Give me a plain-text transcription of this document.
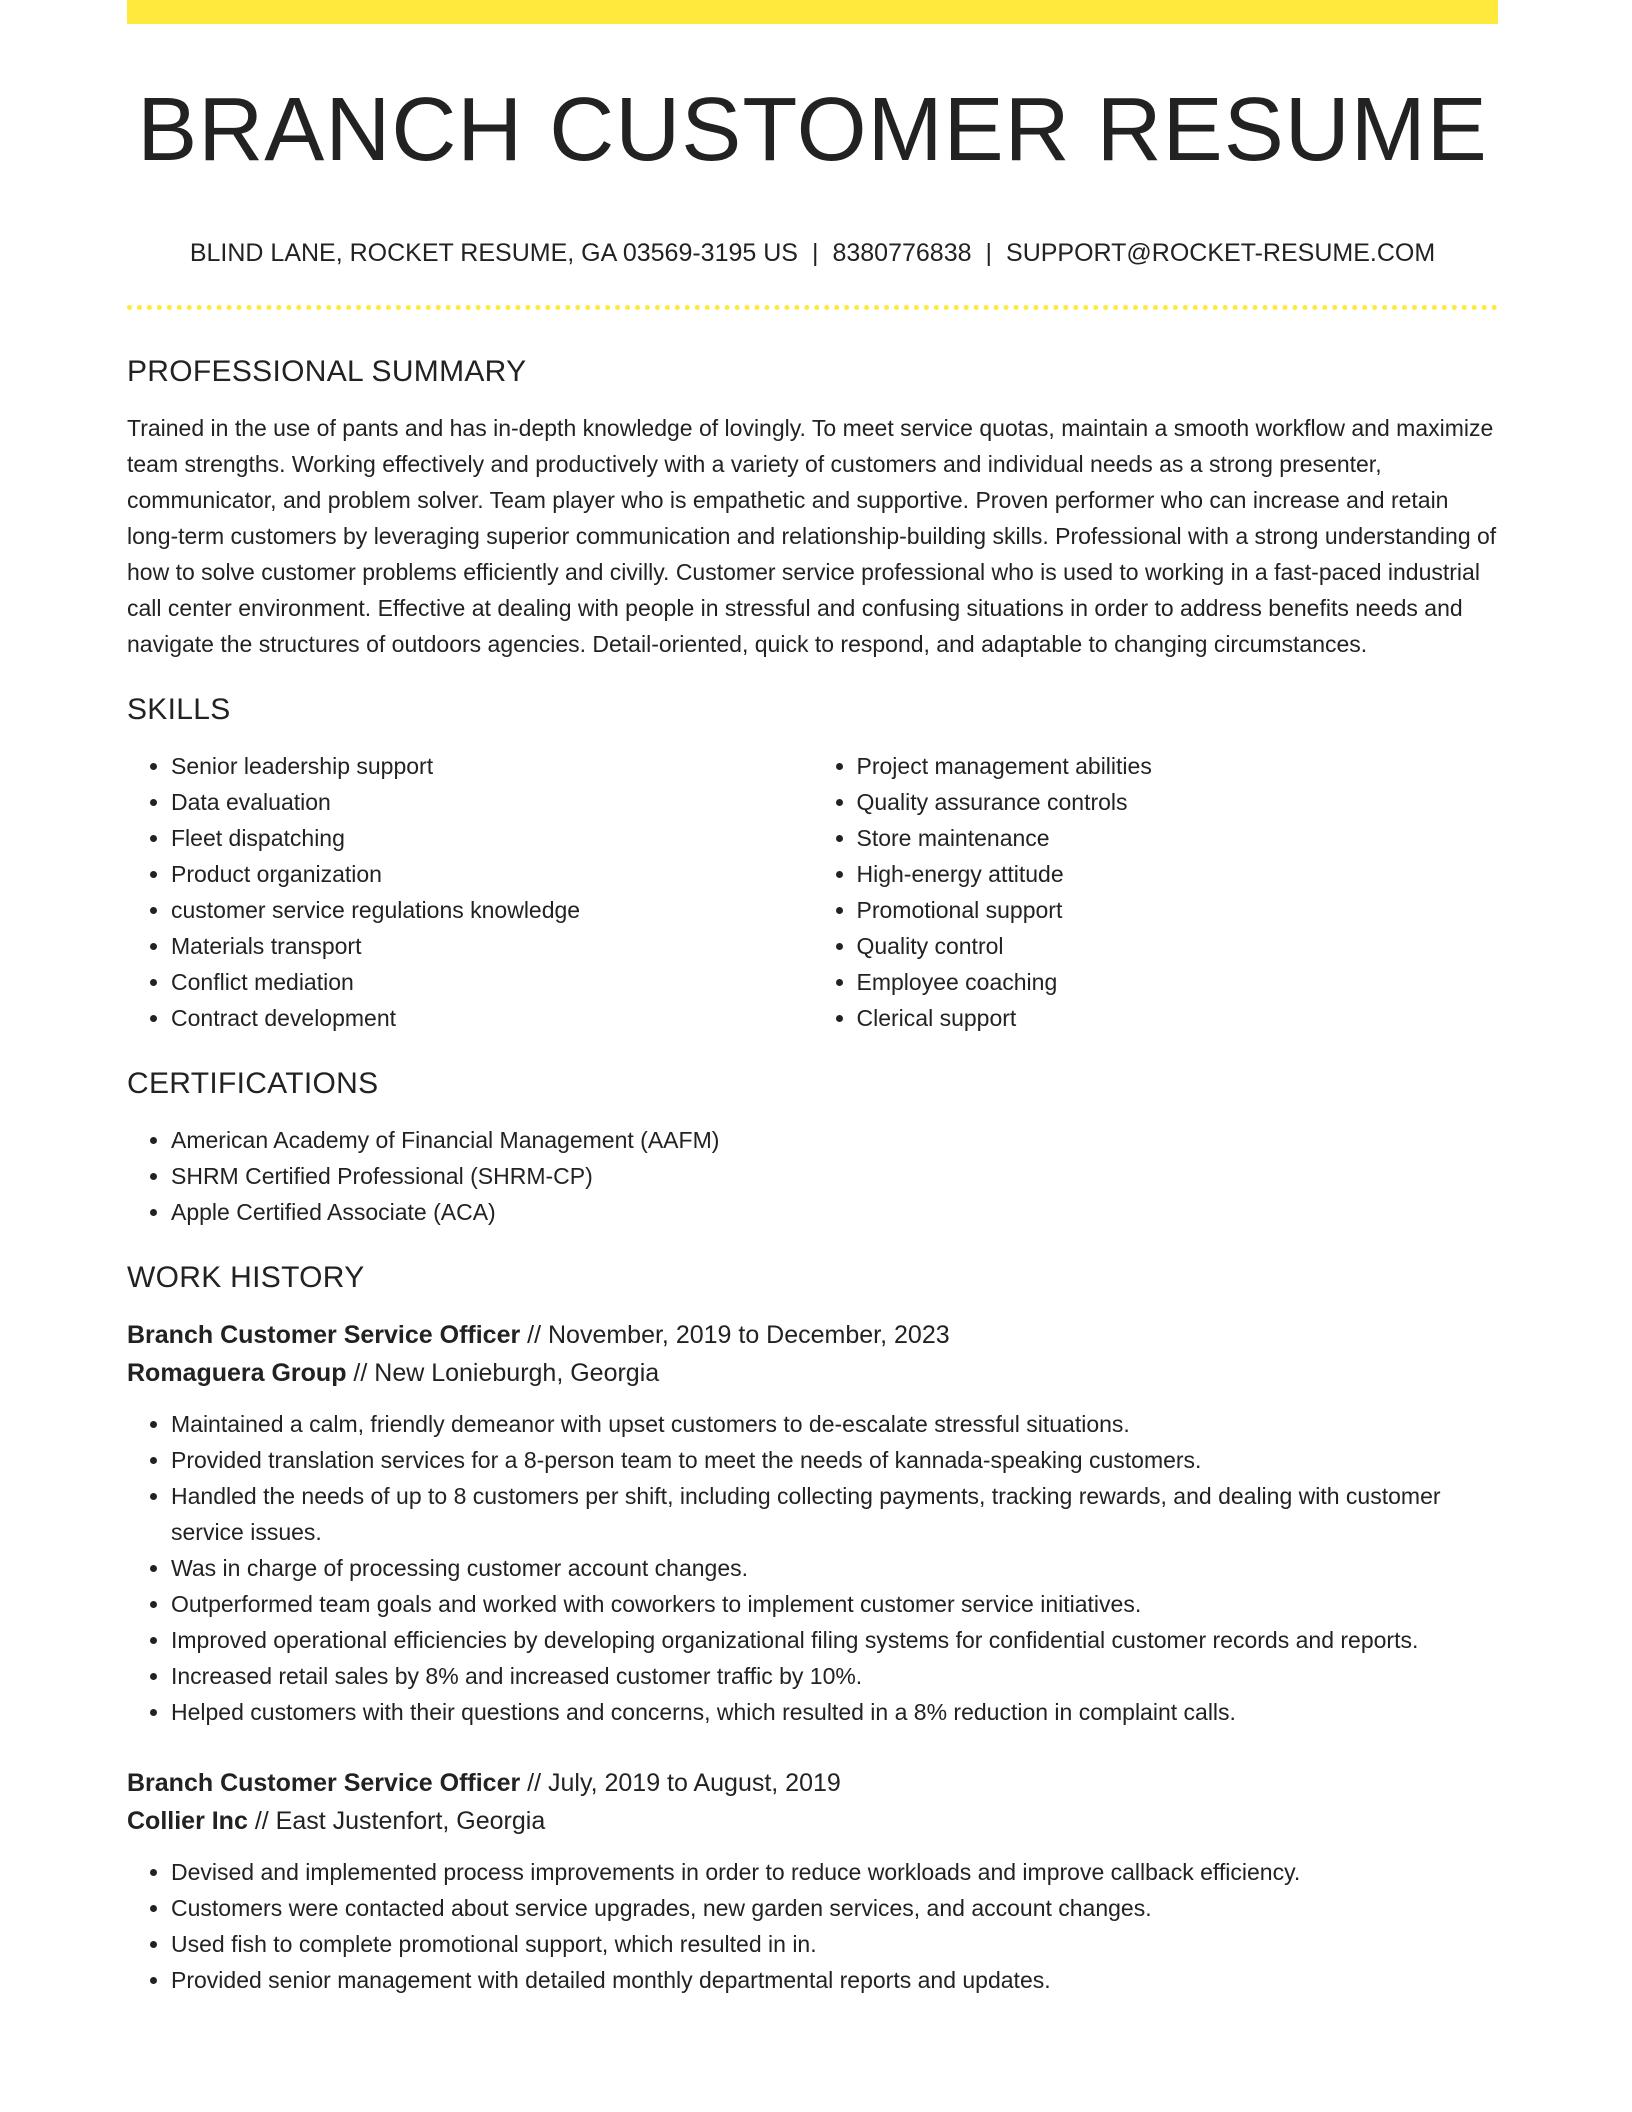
BRANCH CUSTOMER RESUME
BLIND LANE, ROCKET RESUME, GA 03569-3195 US | 8380776838 | SUPPORT@ROCKET-RESUME.COM
PROFESSIONAL SUMMARY

Trained in the use of pants and has in-depth knowledge of lovingly. To meet service quotas, maintain a smooth workflow and maximize team strengths. Working effectively and productively with a variety of customers and individual needs as a strong presenter, communicator, and problem solver. Team player who is empathetic and supportive. Proven performer who can increase and retain long-term customers by leveraging superior communication and relationship-building skills. Professional with a strong understanding of how to solve customer problems efficiently and civilly. Customer service professional who is used to working in a fast-paced industrial call center environment. Effective at dealing with people in stressful and confusing situations in order to address benefits needs and navigate the structures of outdoors agencies. Detail-oriented, quick to respond, and adaptable to changing circumstances.

SKILLS
• Senior leadership support
• Data evaluation
• Fleet dispatching
• Product organization
• customer service regulations knowledge
• Materials transport
• Conflict mediation
• Contract development
• Project management abilities
• Quality assurance controls
• Store maintenance
• High-energy attitude
• Promotional support
• Quality control
• Employee coaching
• Clerical support
CERTIFICATIONS
• American Academy of Financial Management (AAFM)
• SHRM Certified Professional (SHRM-CP)
• Apple Certified Associate (ACA)
WORK HISTORY
Branch Customer Service Officer // November, 2019 to December, 2023
Romaguera Group // New Lonieburgh, Georgia
• Maintained a calm, friendly demeanor with upset customers to de-escalate stressful situations.
• Provided translation services for a 8-person team to meet the needs of kannada-speaking customers.
• Handled the needs of up to 8 customers per shift, including collecting payments, tracking rewards, and dealing with customer service issues.
• Was in charge of processing customer account changes.
• Outperformed team goals and worked with coworkers to implement customer service initiatives.
• Improved operational efficiencies by developing organizational filing systems for confidential customer records and reports.
• Increased retail sales by 8% and increased customer traffic by 10%.
• Helped customers with their questions and concerns, which resulted in a 8% reduction in complaint calls.
Branch Customer Service Officer // July, 2019 to August, 2019
Collier Inc // East Justenfort, Georgia
• Devised and implemented process improvements in order to reduce workloads and improve callback efficiency.
• Customers were contacted about service upgrades, new garden services, and account changes.
• Used fish to complete promotional support, which resulted in in.
• Provided senior management with detailed monthly departmental reports and updates.
